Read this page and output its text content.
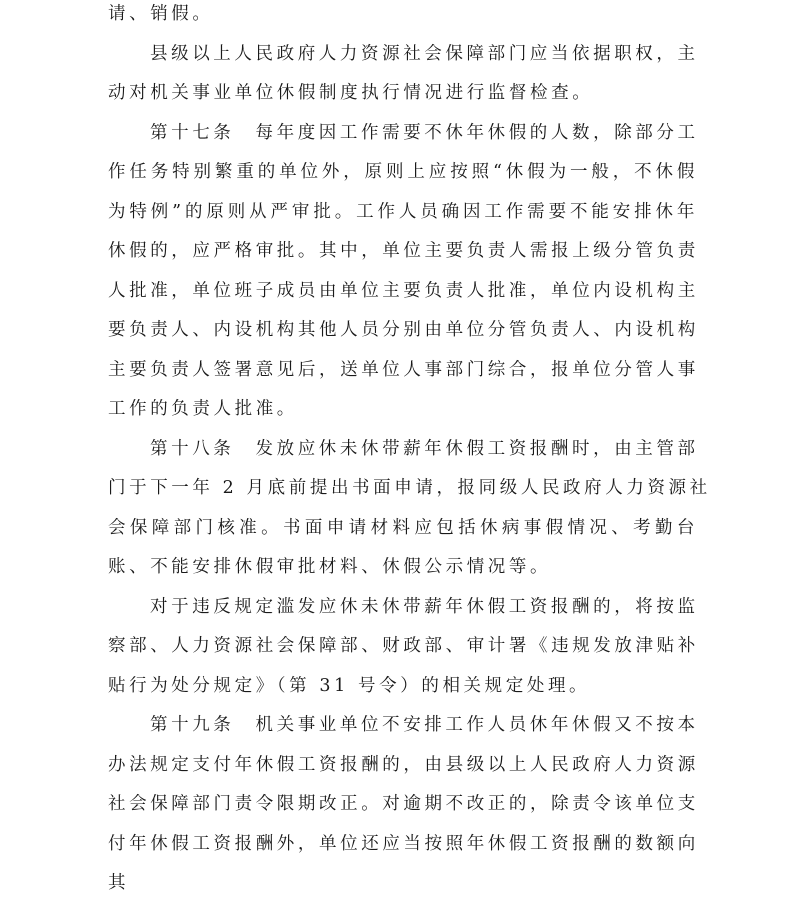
请、销假。
县级以上人民政府人力资源社会保障部门应当依据职权，主
动对机关事业单位休假制度执行情况进行监督检查。
第十七条　每年度因工作需要不休年休假的人数，除部分工
作任务特别繁重的单位外，原则上应按照“休假为一般，不休假
为特例”的原则从严审批。工作人员确因工作需要不能安排休年
休假的，应严格审批。其中，单位主要负责人需报上级分管负责
人批准，单位班子成员由单位主要负责人批准，单位内设机构主
要负责人、内设机构其他人员分别由单位分管负责人、内设机构
主要负责人签署意见后，送单位人事部门综合，报单位分管人事
工作的负责人批准。
第十八条　发放应休未休带薪年休假工资报酬时，由主管部
门于下一年 2 月底前提出书面申请，报同级人民政府人力资源社
会保障部门核准。书面申请材料应包括休病事假情况、考勤台
账、不能安排休假审批材料、休假公示情况等。
对于违反规定滥发应休未休带薪年休假工资报酬的，将按监
察部、人力资源社会保障部、财政部、审计署《违规发放津贴补
贴行为处分规定》（第 31 号令）的相关规定处理。
第十九条　机关事业单位不安排工作人员休年休假又不按本
办法规定支付年休假工资报酬的，由县级以上人民政府人力资源
社会保障部门责令限期改正。对逾期不改正的，除责令该单位支
付年休假工资报酬外，单位还应当按照年休假工资报酬的数额向
其
